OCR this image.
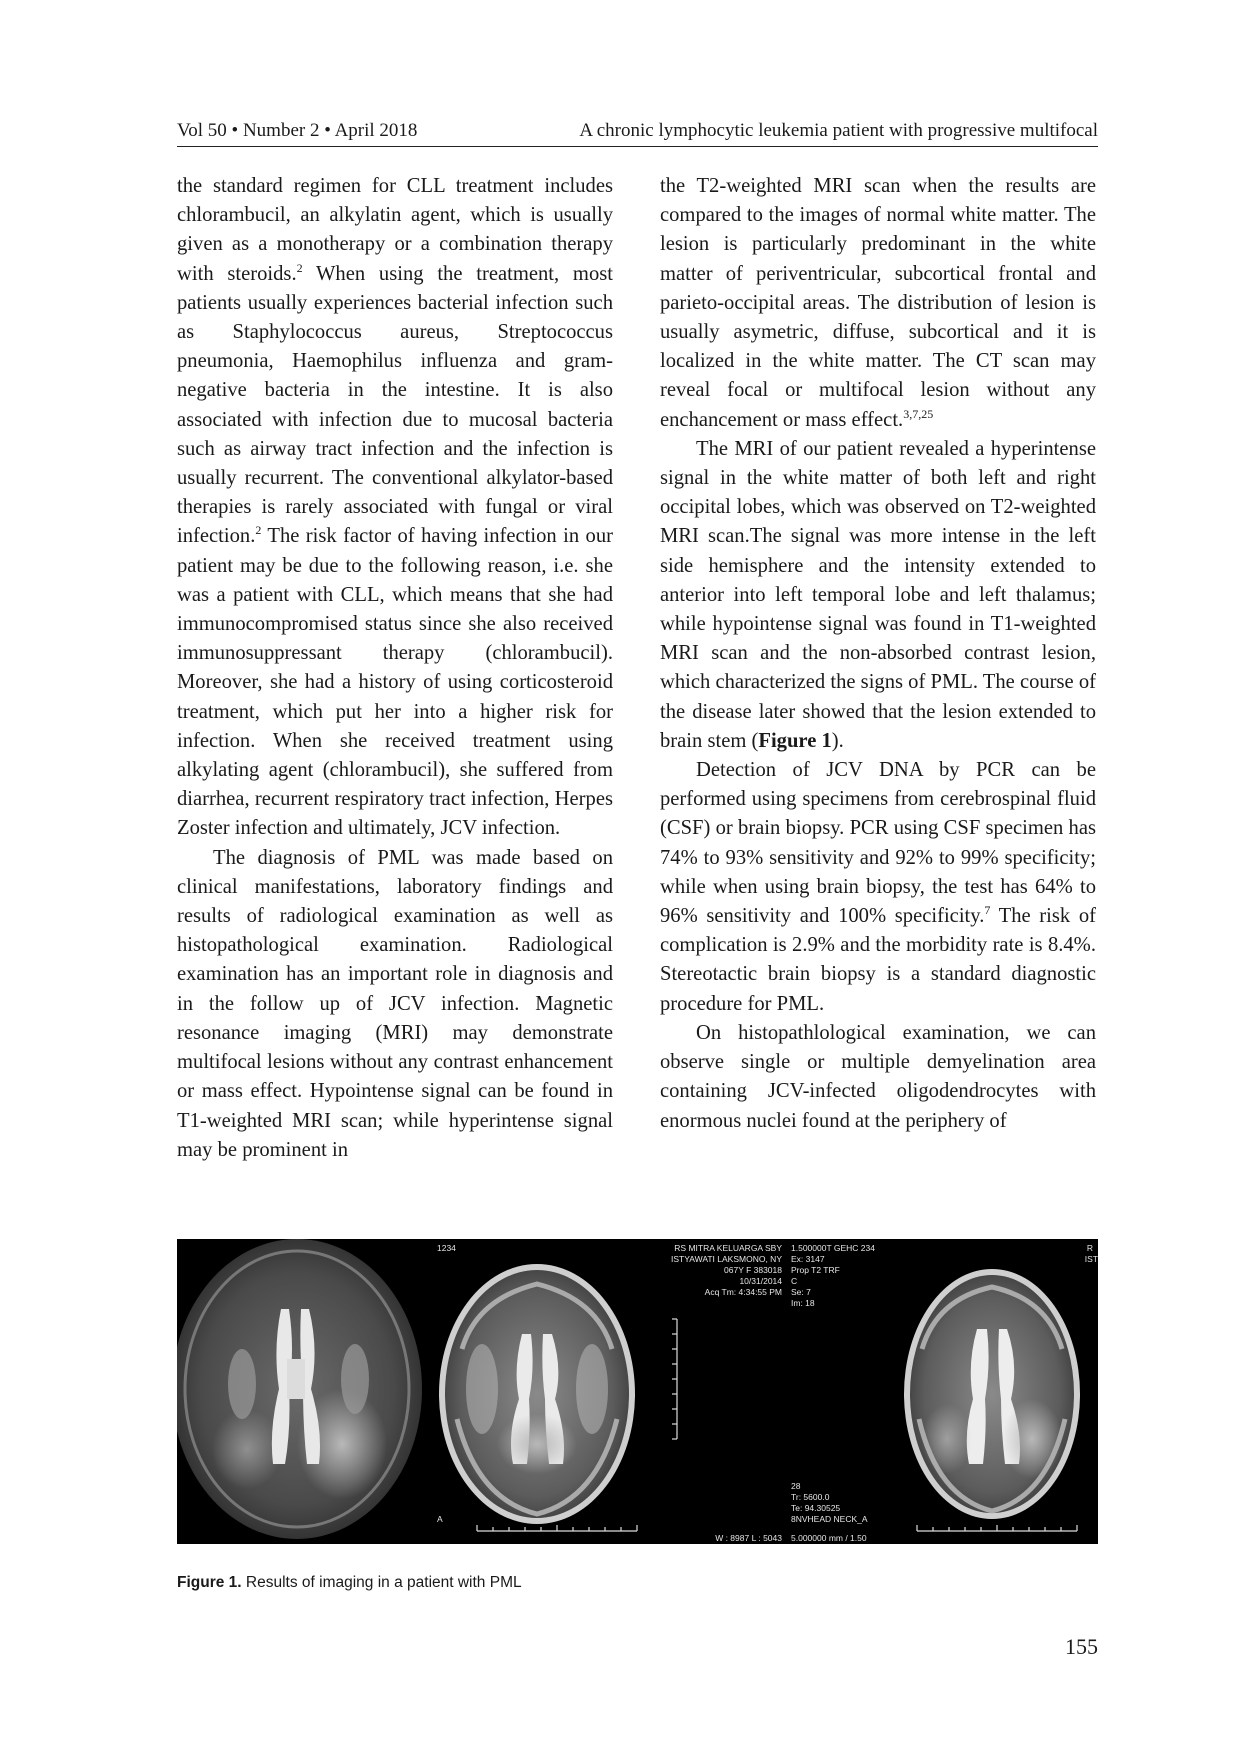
Vol 50 • Number 2 • April 2018	A chronic lymphocytic leukemia patient with progressive multifocal

the standard regimen for CLL treatment includes chlorambucil, an alkylatin agent, which is usually given as a monotherapy or a combination therapy with steroids.$^2$ When using the treatment, most patients usually experiences bacterial infection such as Staphylococcus aureus, Streptococcus pneumonia, Haemophilus influenza and gram-negative bacteria in the intestine. It is also associated with infection due to mucosal bacteria such as airway tract infection and the infection is usually recurrent. The conventional alkylator-based therapies is rarely associated with fungal or viral infection.$^2$ The risk factor of having infection in our patient may be due to the following reason, i.e. she was a patient with CLL, which means that she had immunocompromised status since she also received immunosuppressant therapy (chlorambucil). Moreover, she had a history of using corticosteroid treatment, which put her into a higher risk for infection. When she received treatment using alkylating agent (chlorambucil), she suffered from diarrhea, recurrent respiratory tract infection, Herpes Zoster infection and ultimately, JCV infection.

The diagnosis of PML was made based on clinical manifestations, laboratory findings and results of radiological examination as well as histopathological examination. Radiological examination has an important role in diagnosis and in the follow up of JCV infection. Magnetic resonance imaging (MRI) may demonstrate multifocal lesions without any contrast enhancement or mass effect. Hypointense signal can be found in T1-weighted MRI scan; while hyperintense signal may be prominent in

the T2-weighted MRI scan when the results are compared to the images of normal white matter. The lesion is particularly predominant in the white matter of periventricular, subcortical frontal and parieto-occipital areas. The distribution of lesion is usually asymetric, diffuse, subcortical and it is localized in the white matter. The CT scan may reveal focal or multifocal lesion without any enchancement or mass effect.$^{3,7,25}$

The MRI of our patient revealed a hyperintense signal in the white matter of both left and right occipital lobes, which was observed on T2-weighted MRI scan.The signal was more intense in the left side hemisphere and the intensity extended to anterior into left temporal lobe and left thalamus; while hypointense signal was found in T1-weighted MRI scan and the non-absorbed contrast lesion, which characterized the signs of PML. The course of the disease later showed that the lesion extended to brain stem (Figure 1).

Detection of JCV DNA by PCR can be performed using specimens from cerebrospinal fluid (CSF) or brain biopsy. PCR using CSF specimen has 74% to 93% sensitivity and 92% to 99% specificity; while when using brain biopsy, the test has 64% to 96% sensitivity and 100% specificity.$^7$ The risk of complication is 2.9% and the morbidity rate is 8.4%. Stereotactic brain biopsy is a standard diagnostic procedure for PML.

On histopathlological examination, we can observe single or multiple demyelination area containing JCV-infected oligodendrocytes with enormous nuclei found at the periphery of

1234	RS MITRA KELUARGA SBY
ISTYAWATI LAKSMONO, NY
067Y F 383018
10/31/2014
Acq Tm: 4:34:55 PM
1.500000T GEHC 234
Ex: 3147
Prop T2 TRF
C
Se: 7
Im: 18
28
Tr: 5600.0
Te: 94.30525
8NVHEAD NECK_A
5.000000 mm / 1.50
W : 8987 L : 5043
A
R
IST
Figure 1. Results of imaging in a patient with PML
155
